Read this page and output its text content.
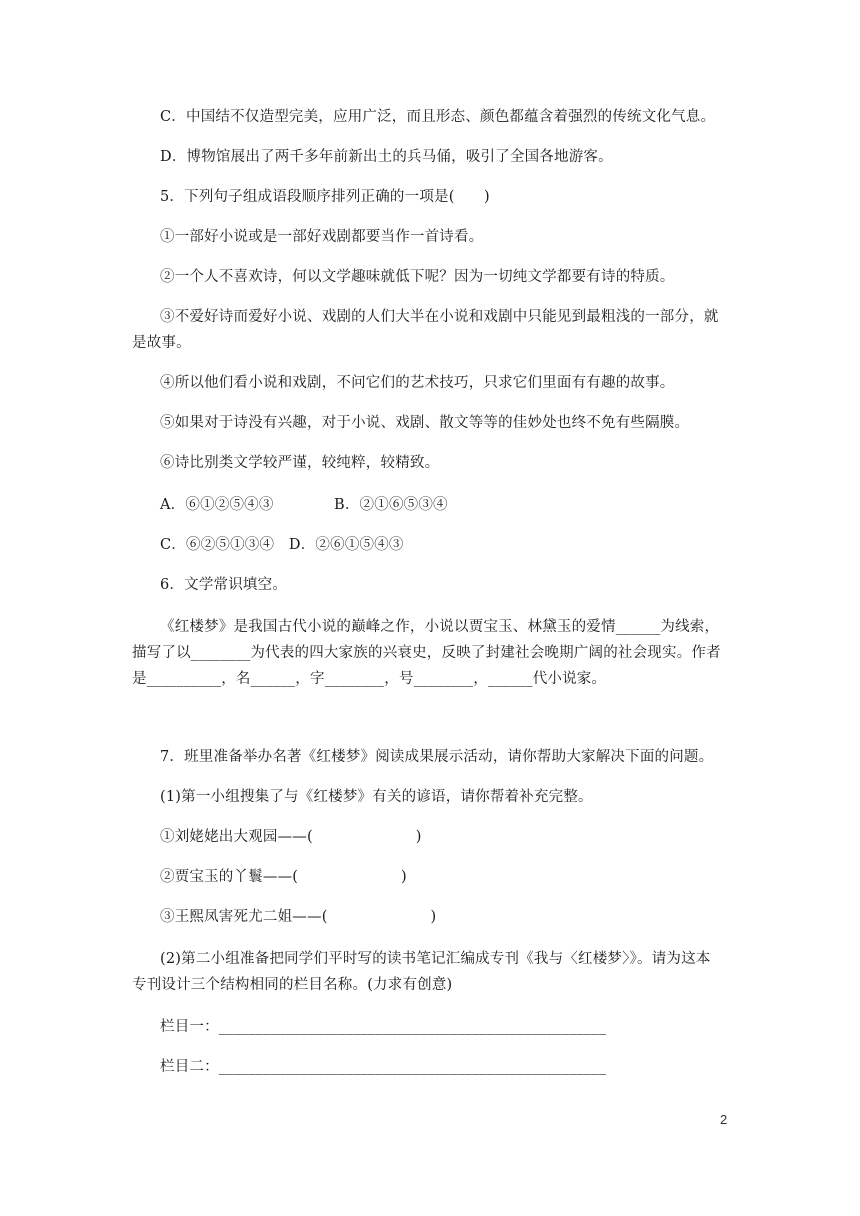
C．中国结不仅造型完美，应用广泛，而且形态、颜色都蕴含着强烈的传统文化气息。
D．博物馆展出了两千多年前新出土的兵马俑，吸引了全国各地游客。
5．下列句子组成语段顺序排列正确的一项是(　　)
①一部好小说或是一部好戏剧都要当作一首诗看。
②一个人不喜欢诗，何以文学趣味就低下呢？因为一切纯文学都要有诗的特质。
③不爱好诗而爱好小说、戏剧的人们大半在小说和戏剧中只能见到最粗浅的一部分，就
是故事。
④所以他们看小说和戏剧，不问它们的艺术技巧，只求它们里面有有趣的故事。
⑤如果对于诗没有兴趣，对于小说、戏剧、散文等等的佳妙处也终不免有些隔膜。
⑥诗比别类文学较严谨，较纯粹，较精致。
A．⑥①②⑤④③	B．②①⑥⑤③④
C．⑥②⑤①③④　D．②⑥①⑤④③
6．文学常识填空。
《红楼梦》是我国古代小说的巅峰之作，小说以贾宝玉、林黛玉的爱情______为线索，
描写了以________为代表的四大家族的兴衰史，反映了封建社会晚期广阔的社会现实。作者
是__________，名______，字________，号________，______代小说家。
7．班里准备举办名著《红楼梦》阅读成果展示活动，请你帮助大家解决下面的问题。
(1)第一小组搜集了与《红楼梦》有关的谚语，请你帮着补充完整。
①刘姥姥出大观园——(　　　　　　　)
②贾宝玉的丫鬟——(　　　　　　　)
③王熙凤害死尤二姐——(　　　　　　　)
(2)第二小组准备把同学们平时写的读书笔记汇编成专刊《我与〈红楼梦〉》。请为这本
专刊设计三个结构相同的栏目名称。(力求有创意)
栏目一：____________________________________________________
栏目二：____________________________________________________
2
